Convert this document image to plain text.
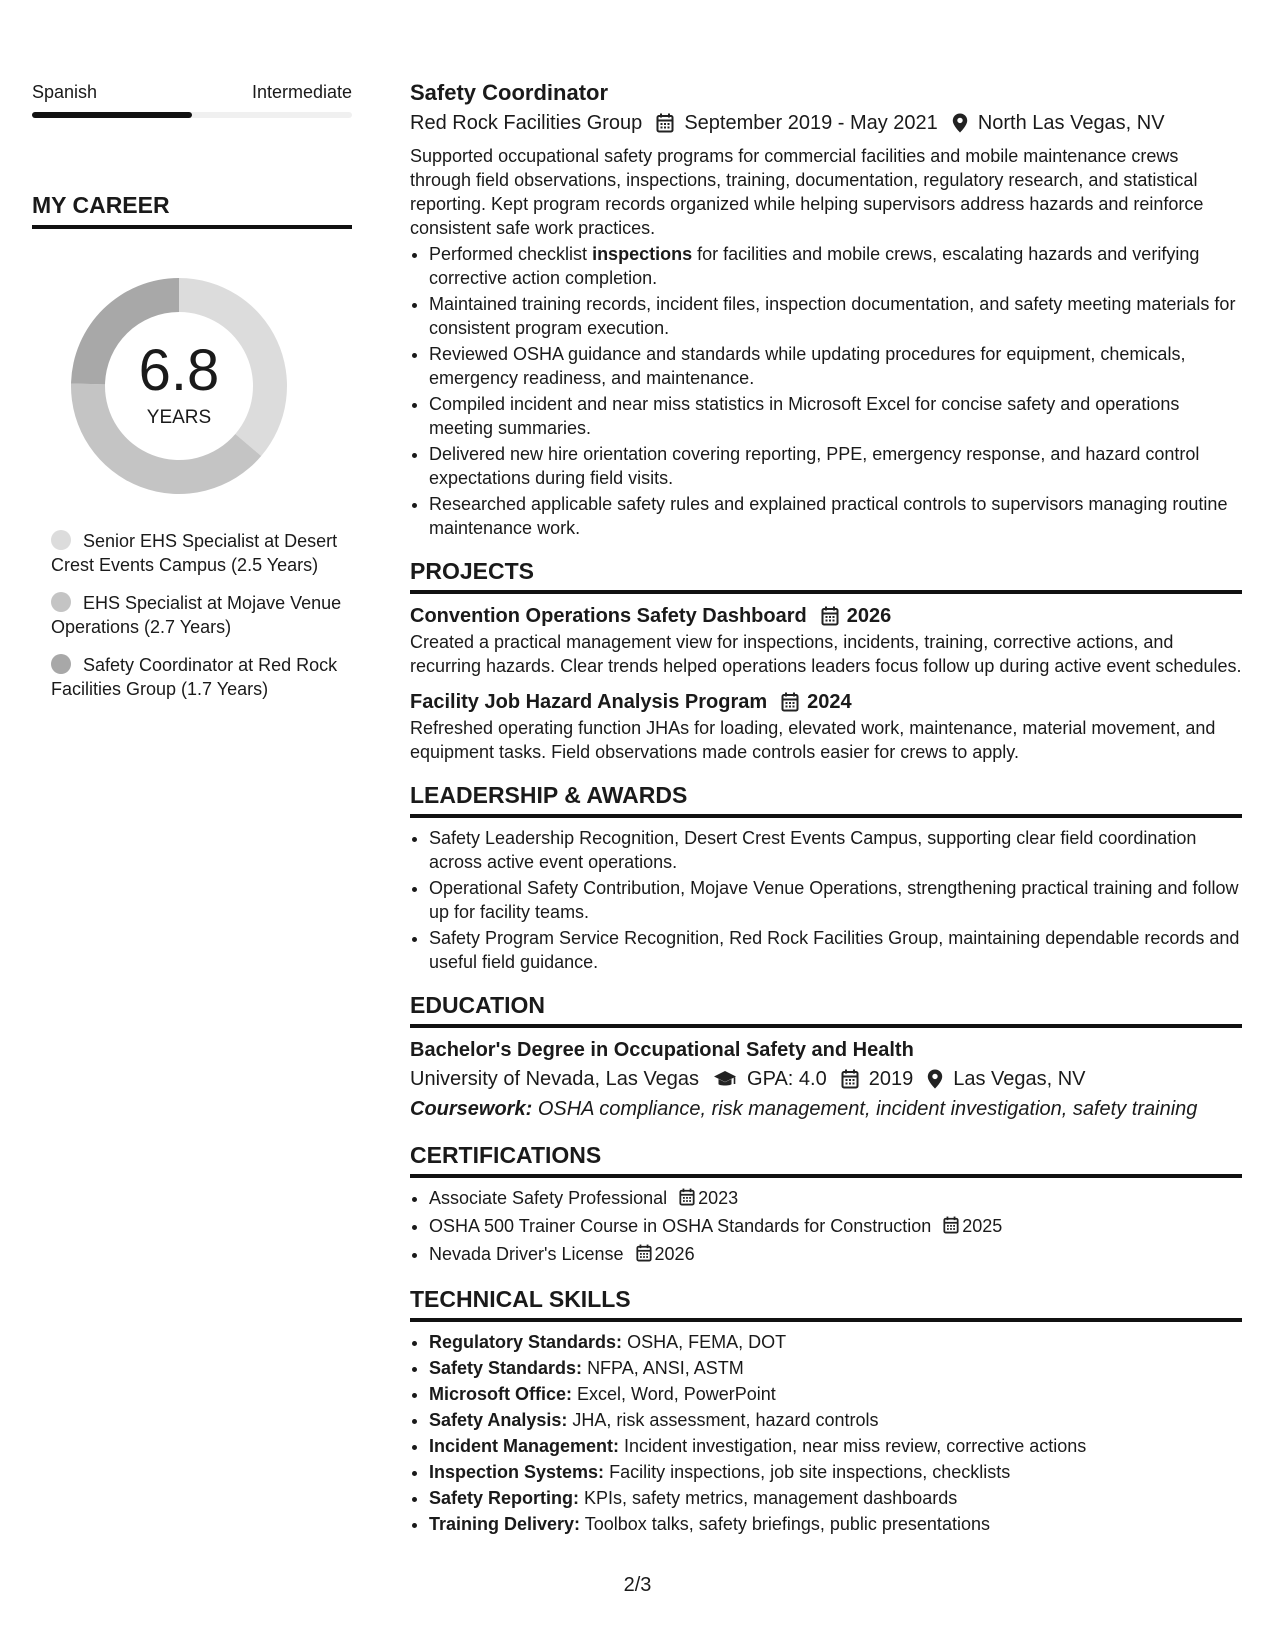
Spanish	Intermediate
MY CAREER
6.8
YEARS
Senior EHS Specialist at Desert Crest Events Campus (2.5 Years)
EHS Specialist at Mojave Venue Operations (2.7 Years)
Safety Coordinator at Red Rock Facilities Group (1.7 Years)
Safety Coordinator
Red Rock Facilities Group September 2019 - May 2021 North Las Vegas, NV

Supported occupational safety programs for commercial facilities and mobile maintenance crews through field observations, inspections, training, documentation, regulatory research, and statistical reporting. Kept program records organized while helping supervisors address hazards and reinforce consistent safe work practices.

• Performed checklist inspections for facilities and mobile crews, escalating hazards and verifying corrective action completion.
• Maintained training records, incident files, inspection documentation, and safety meeting materials for consistent program execution.
• Reviewed OSHA guidance and standards while updating procedures for equipment, chemicals, emergency readiness, and maintenance.
• Compiled incident and near miss statistics in Microsoft Excel for concise safety and operations meeting summaries.
• Delivered new hire orientation covering reporting, PPE, emergency response, and hazard control expectations during field visits.
• Researched applicable safety rules and explained practical controls to supervisors managing routine maintenance work.
PROJECTS
Convention Operations Safety Dashboard 2026

Created a practical management view for inspections, incidents, training, corrective actions, and recurring hazards. Clear trends helped operations leaders focus follow up during active event schedules.

Facility Job Hazard Analysis Program 2024

Refreshed operating function JHAs for loading, elevated work, maintenance, material movement, and equipment tasks. Field observations made controls easier for crews to apply.

LEADERSHIP & AWARDS
• Safety Leadership Recognition, Desert Crest Events Campus, supporting clear field coordination across active event operations.
• Operational Safety Contribution, Mojave Venue Operations, strengthening practical training and follow up for facility teams.
• Safety Program Service Recognition, Red Rock Facilities Group, maintaining dependable records and useful field guidance.
EDUCATION
Bachelor's Degree in Occupational Safety and Health
University of Nevada, Las Vegas GPA: 4.0 2019 Las Vegas, NV
Coursework: OSHA compliance, risk management, incident investigation, safety training
CERTIFICATIONS
• Associate Safety Professional 2023
• OSHA 500 Trainer Course in OSHA Standards for Construction 2025
• Nevada Driver's License 2026
TECHNICAL SKILLS
• Regulatory Standards: OSHA, FEMA, DOT
• Safety Standards: NFPA, ANSI, ASTM
• Microsoft Office: Excel, Word, PowerPoint
• Safety Analysis: JHA, risk assessment, hazard controls
• Incident Management: Incident investigation, near miss review, corrective actions
• Inspection Systems: Facility inspections, job site inspections, checklists
• Safety Reporting: KPIs, safety metrics, management dashboards
• Training Delivery: Toolbox talks, safety briefings, public presentations
2/3
